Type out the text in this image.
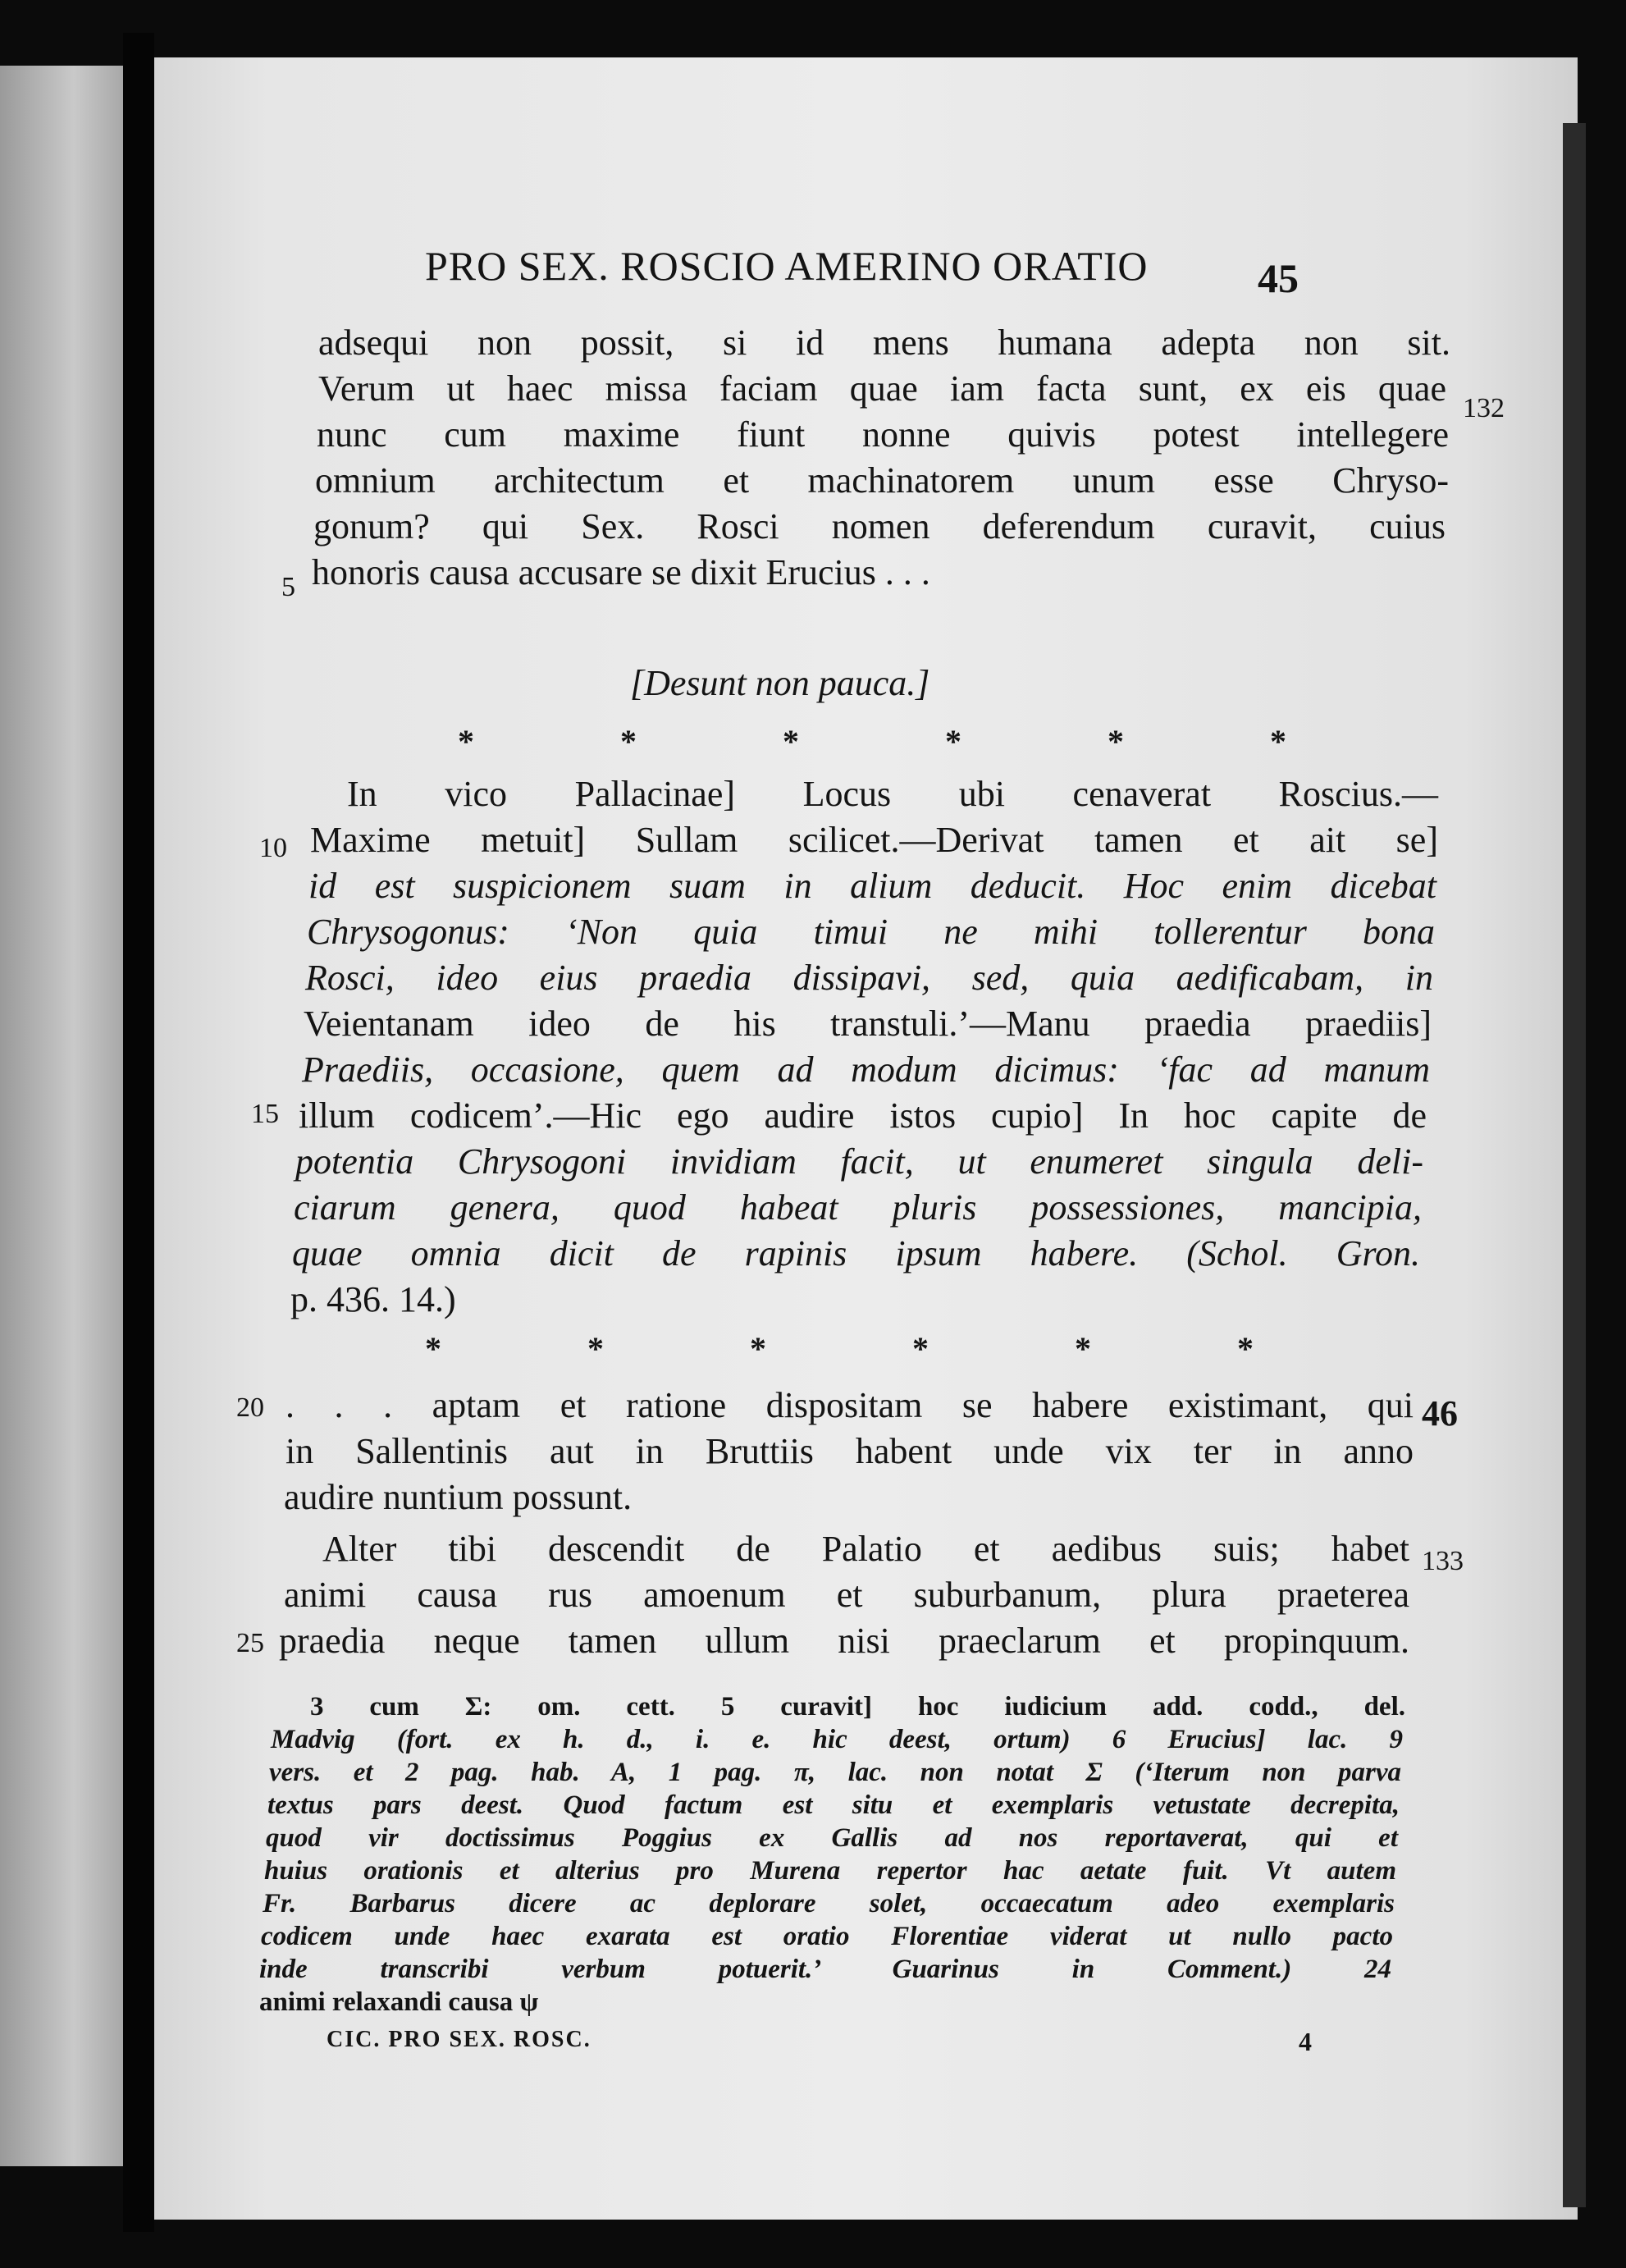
PRO SEX. ROSCIO AMERINO ORATIO	45
adsequi non possit, si id mens humana adepta non sit.
Verum ut haec missa faciam quae iam facta sunt, ex eis quae
nunc cum maxime fiunt nonne quivis potest intellegere
omnium architectum et machinatorem unum esse Chryso-
gonum? qui Sex. Rosci nomen deferendum curavit, cuius
honoris causa accusare se dixit Erucius . . .
5
132
[Desunt non pauca.]
*	*	*	*	*	*
In vico Pallacinae] Locus ubi cenaverat Roscius.—
Maxime metuit] Sullam scilicet.—Derivat tamen et ait se]
id est suspicionem suam in alium deducit. Hoc enim dicebat
Chrysogonus: ‘Non quia timui ne mihi tollerentur bona
Rosci, ideo eius praedia dissipavi, sed, quia aedificabam, in
Veientanam ideo de his transtuli.’—Manu praedia praediis]
Praediis, occasione, quem ad modum dicimus: ‘fac ad manum
illum codicem’.—Hic ego audire istos cupio] In hoc capite de
potentia Chrysogoni invidiam facit, ut enumeret singula deli-
ciarum genera, quod habeat pluris possessiones, mancipia,
quae omnia dicit de rapinis ipsum habere. (Schol. Gron.
p. 436. 14.)
10
15
*	*	*	*	*	*
. . . aptam et ratione dispositam se habere existimant, qui
in Sallentinis aut in Bruttiis habent unde vix ter in anno
audire nuntium possunt.
Alter tibi descendit de Palatio et aedibus suis; habet
animi causa rus amoenum et suburbanum, plura praeterea
praedia neque tamen ullum nisi praeclarum et propinquum.
20
25
46
133
3 cum Σ: om. cett. 5 curavit] hoc iudicium add. codd., del.
Madvig (fort. ex h. d., i. e. hic deest, ortum) 6 Erucius] lac. 9
vers. et 2 pag. hab. A, 1 pag. π, lac. non notat Σ (‘Iterum non parva
textus pars deest. Quod factum est situ et exemplaris vetustate decrepita,
quod vir doctissimus Poggius ex Gallis ad nos reportaverat, qui et
huius orationis et alterius pro Murena repertor hac aetate fuit. Vt autem
Fr. Barbarus dicere ac deplorare solet, occaecatum adeo exemplaris
codicem unde haec exarata est oratio Florentiae viderat ut nullo pacto
inde transcribi verbum potuerit.’ Guarinus in Comment.) 24
animi relaxandi causa ψ
CIC. PRO SEX. ROSC.	4
